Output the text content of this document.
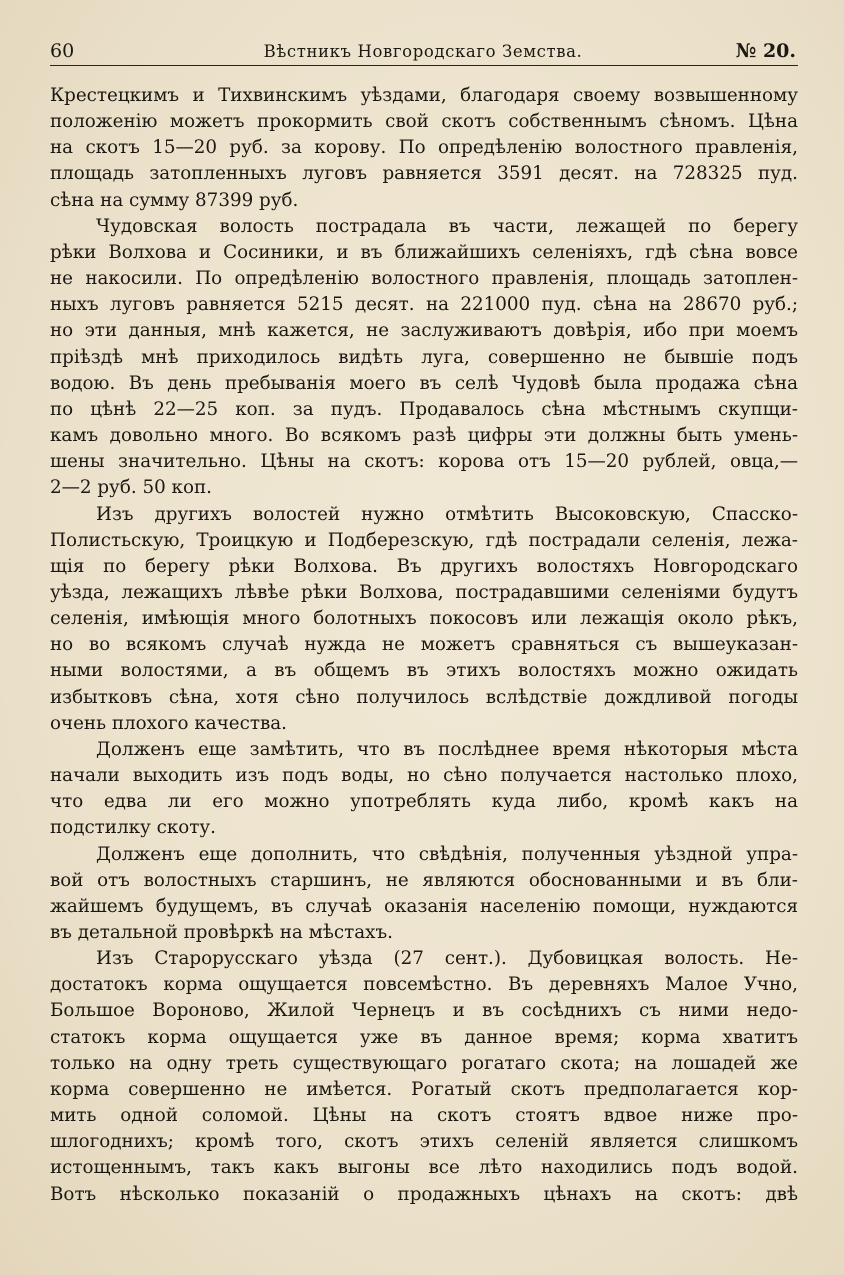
60	Вѣстникъ Новгородскаго Земства.	№ 20.
Крестецкимъ и Тихвинскимъ уѣздами, благодаря своему возвышенному
положенію можетъ прокормить свой скотъ собственнымъ сѣномъ. Цѣна
на скотъ 15—20 руб. за корову. По опредѣленію волостного правленія,
площадь затопленныхъ луговъ равняется 3591 десят. на 728325 пуд.
сѣна на сумму 87399 руб.
Чудовская волость пострадала въ части, лежащей по берегу
рѣки Волхова и Сосиники, и въ ближайшихъ селеніяхъ, гдѣ сѣна вовсе
не накосили. По опредѣленію волостного правленія, площадь затоплен-
ныхъ луговъ равняется 5215 десят. на 221000 пуд. сѣна на 28670 руб.;
но эти данныя, мнѣ кажется, не заслуживаютъ довѣрія, ибо при моемъ
пріѣздѣ мнѣ приходилось видѣть луга, совершенно не бывшіе подъ
водою. Въ день пребыванія моего въ селѣ Чудовѣ была продажа сѣна
по цѣнѣ 22—25 коп. за пудъ. Продавалось сѣна мѣстнымъ скупщи-
камъ довольно много. Во всякомъ разѣ цифры эти должны быть умень-
шены значительно. Цѣны на скотъ: корова отъ 15—20 рублей, овца,—
2—2 руб. 50 коп.
Изъ другихъ волостей нужно отмѣтить Высоковскую, Спасско-
Полистьскую, Троицкую и Подберезскую, гдѣ пострадали селенія, лежа-
щія по берегу рѣки Волхова. Въ другихъ волостяхъ Новгородскаго
уѣзда, лежащихъ лѣвѣе рѣки Волхова, пострадавшими селеніями будутъ
селенія, имѣющія много болотныхъ покосовъ или лежащія около рѣкъ,
но во всякомъ случаѣ нужда не можетъ сравняться съ вышеуказан-
ными волостями, а въ общемъ въ этихъ волостяхъ можно ожидать
избытковъ сѣна, хотя сѣно получилось вслѣдствіе дождливой погоды
очень плохого качества.
Долженъ еще замѣтить, что въ послѣднее время нѣкоторыя мѣста
начали выходить изъ подъ воды, но сѣно получается настолько плохо,
что едва ли его можно употреблять куда либо, кромѣ какъ на
подстилку скоту.
Долженъ еще дополнить, что свѣдѣнія, полученныя уѣздной упра-
вой отъ волостныхъ старшинъ, не являются обоснованными и въ бли-
жайшемъ будущемъ, въ случаѣ оказанія населенію помощи, нуждаются
въ детальной провѣркѣ на мѣстахъ.
Изъ Старорусскаго уѣзда (27 сент.). Дубовицкая волость. Не-
достатокъ корма ощущается повсемѣстно. Въ деревняхъ Малое Учно,
Большое Вороново, Жилой Чернецъ и въ сосѣднихъ съ ними недо-
статокъ корма ощущается уже въ данное время; корма хватитъ
только на одну треть существующаго рогатаго скота; на лошадей же
корма совершенно не имѣется. Рогатый скотъ предполагается кор-
мить одной соломой. Цѣны на скотъ стоятъ вдвое ниже про-
шлогоднихъ; кромѣ того, скотъ этихъ селеній является слишкомъ
истощеннымъ, такъ какъ выгоны все лѣто находились подъ водой.
Вотъ нѣсколько показаній о продажныхъ цѣнахъ на скотъ: двѣ
